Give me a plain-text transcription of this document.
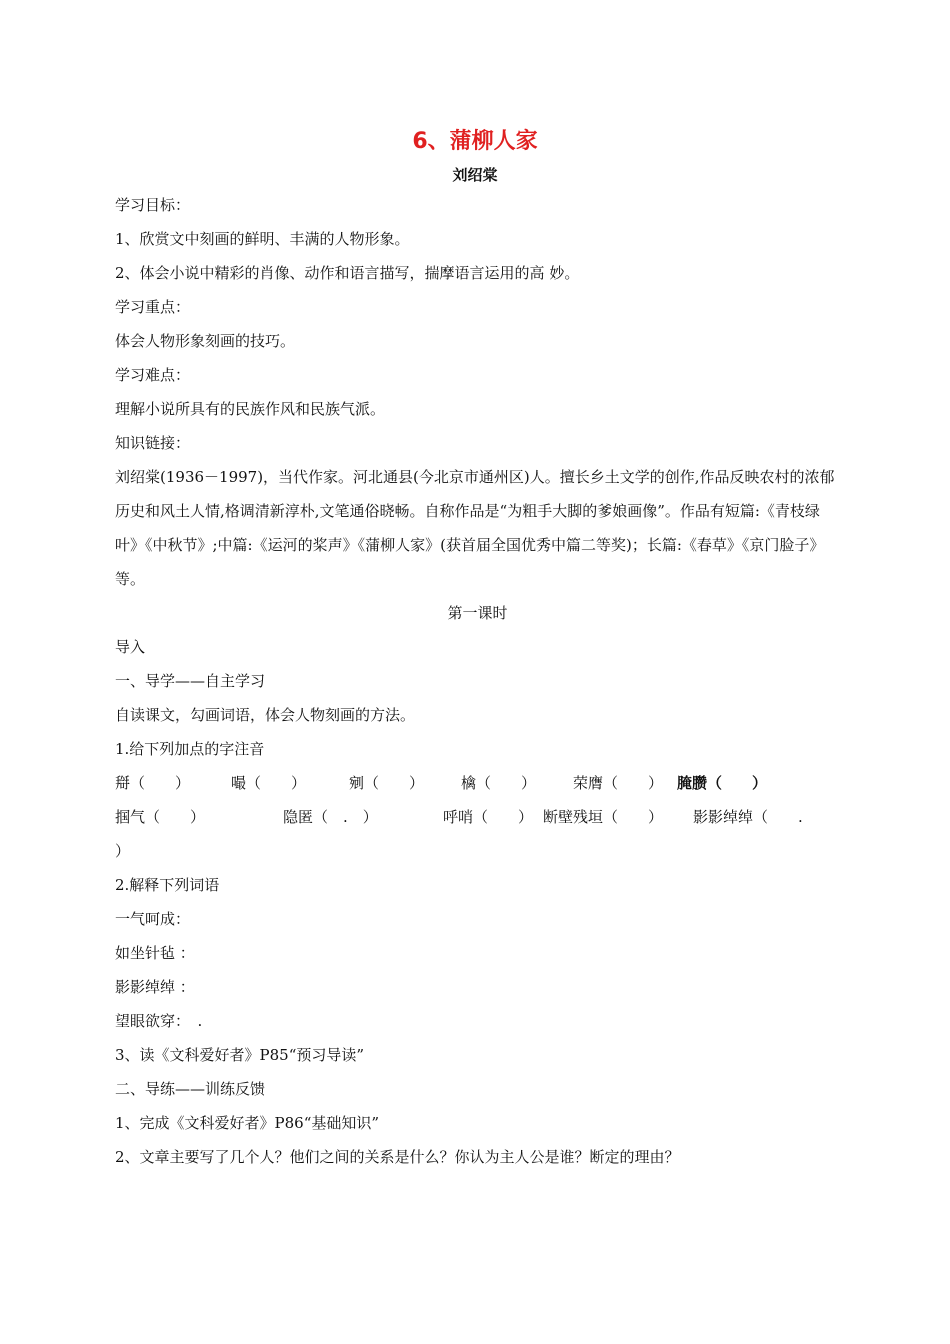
6、蒲柳人家
刘绍棠

学习目标：

1、欣赏文中刻画的鲜明、丰满的人物形象。

2、体会小说中精彩的肖像、动作和语言描写，揣摩语言运用的高 妙。

学习重点：

体会人物形象刻画的技巧。

学习难点：

理解小说所具有的民族作风和民族气派。

知识链接：

刘绍棠(1936－1997)，当代作家。河北通县(今北京市通州区)人。擅长乡土文学的创作,作品反映农村的浓郁历史和风土人情,格调清新淳朴,文笔通俗晓畅。自称作品是“为粗手大脚的爹娘画像”。作品有短篇:《青枝绿叶》《中秋节》;中篇:《运河的桨声》《蒲柳人家》(获首届全国优秀中篇二等奖)；长篇:《春草》《京门脸子》等。

第一课时

导入

一、导学——自主学习

自读课文，勾画词语，体会人物刻画的方法。

1.给下列加点的字注音

搿（　　）	嘬（　　）	剜（　　）	檎（　　）	荣膺（　　） 腌臜（　　）
掴气（　　）	隐匿（　.　）	呼哨（　　） 断壁残垣（　　）	影影绰绰（　　.

）

2.解释下列词语

一气呵成：

如坐针毡 ：

影影绰绰 ：

望眼欲穿：　.

3、读《文科爱好者》P85“预习导读”

二、导练——训练反馈

1、完成《文科爱好者》P86“基础知识”

2、文章主要写了几个人？他们之间的关系是什么？你认为主人公是谁？断定的理由？
